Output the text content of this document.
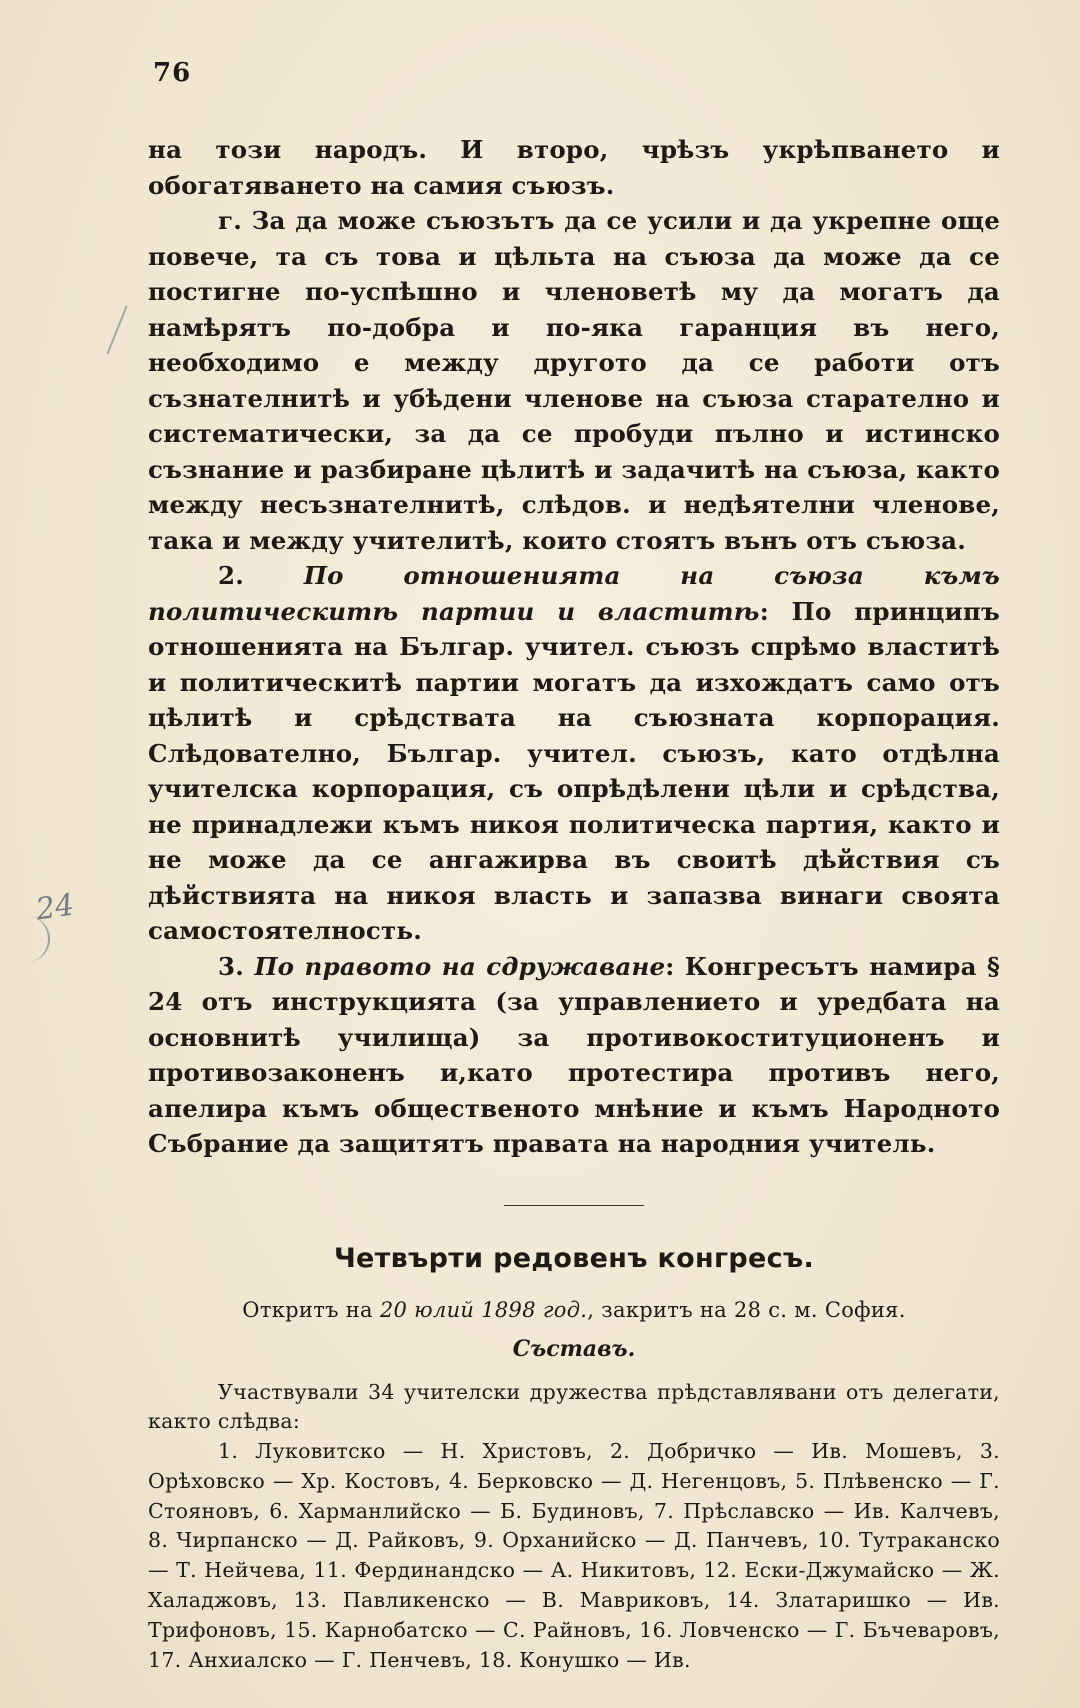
76
24

на този народъ. И второ, чрѣзъ укрѣпването и обогатяването на самия съюзъ.

г. За да може съюзътъ да се усили и да укрепне още повече, та съ това и цѣльта на съюза да може да се постигне по-успѣшно и членоветѣ му да могатъ да намѣрятъ по-добра и по-яка гаранция въ него, необходимо е между другото да се работи отъ съзнателнитѣ и убѣдени членове на съюза старателно и систематически, за да се пробуди пълно и истинско съзнание и разбиране цѣлитѣ и задачитѣ на съюза, както между несъзнателнитѣ, слѣдов. и недѣятелни членове, така и между учителитѣ, които стоятъ вънъ отъ съюза.

2. По отношенията на съюза къмъ политическитѣ партии и властитѣ: По принципъ отношенията на Българ. учител. съюзъ спрѣмо властитѣ и политическитѣ партии могатъ да изхождатъ само отъ цѣлитѣ и срѣдствата на съюзната корпорация. Слѣдователно, Българ. учител. съюзъ, като отдѣлна учителска корпорация, съ опрѣдѣлени цѣли и срѣдства, не принадлежи къмъ никоя политическа партия, както и не може да се ангажирва въ своитѣ дѣйствия съ дѣйствията на никоя власть и запазва винаги своята самостоятелность.

3. По правото на сдружаване: Конгресътъ намира § 24 отъ инструкцията (за управлението и уредбата на основнитѣ училища) за противокоституционенъ и противозаконенъ и,като протестира противъ него, апелира къмъ общественото мнѣние и къмъ Народното Събрание да защитятъ правата на народния учитель.

Четвърти редовенъ конгресъ.
Откритъ на 20 юлий 1898 год., закритъ на 28 с. м. София.
Съставъ.

Участвували 34 учителски дружества прѣдставлявани отъ делегати, както слѣдва:

1. Луковитско — Н. Христовъ, 2. Добричко — Ив. Мошевъ, 3. Орѣховско — Хр. Костовъ, 4. Берковско — Д. Негенцовъ, 5. Плѣвенско — Г. Стояновъ, 6. Харманлийско — Б. Будиновъ, 7. Прѣславско — Ив. Калчевъ, 8. Чирпанско — Д. Райковъ, 9. Орханийско — Д. Панчевъ, 10. Тутраканско — Т. Нейчева, 11. Фердинандско — А. Никитовъ, 12. Ески-Джумайско — Ж. Халаджовъ, 13. Павликенско — В. Мавриковъ, 14. Златаришко — Ив. Трифоновъ, 15. Карнобатско — С. Райновъ, 16. Ловченско — Г. Бъчеваровъ, 17. Анхиалско — Г. Пенчевъ, 18. Конушко — Ив.
